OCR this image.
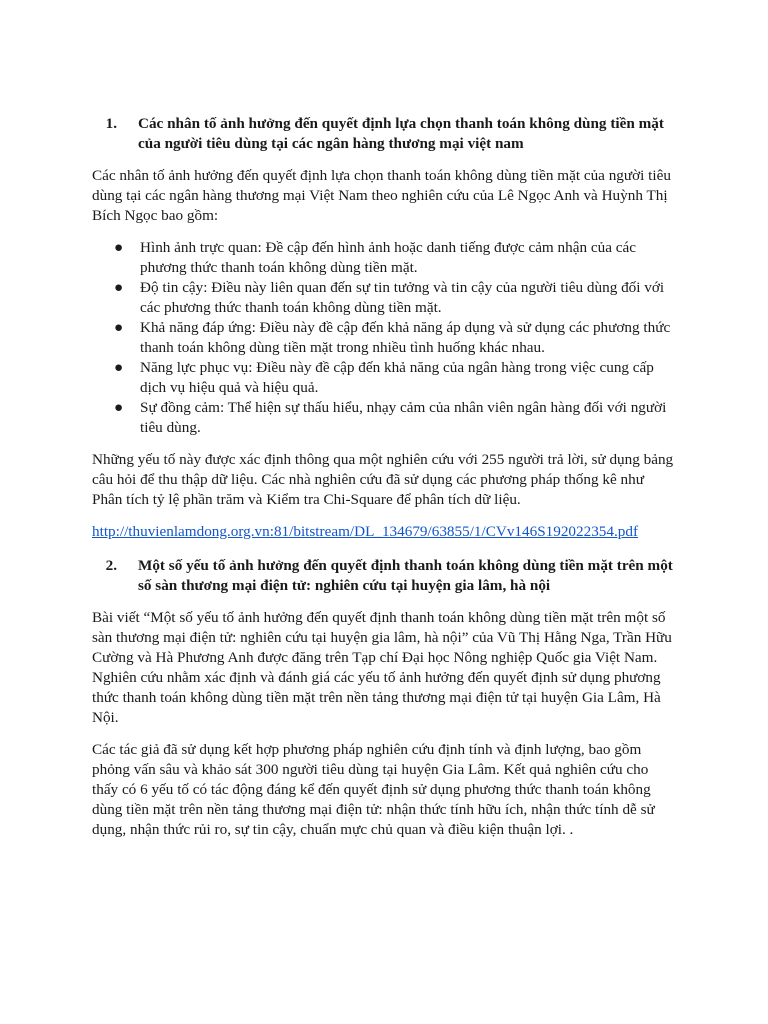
1.	Các nhân tố ảnh hưởng đến quyết định lựa chọn thanh toán không dùng tiền mặt của người tiêu dùng tại các ngân hàng thương mại việt nam

Các nhân tố ảnh hưởng đến quyết định lựa chọn thanh toán không dùng tiền mặt của người tiêu dùng tại các ngân hàng thương mại Việt Nam theo nghiên cứu của Lê Ngọc Anh và Huỳnh Thị Bích Ngọc bao gồm:

●	Hình ảnh trực quan: Đề cập đến hình ảnh hoặc danh tiếng được cảm nhận của các phương thức thanh toán không dùng tiền mặt.
●	Độ tin cậy: Điều này liên quan đến sự tin tưởng và tin cậy của người tiêu dùng đối với các phương thức thanh toán không dùng tiền mặt.
●	Khả năng đáp ứng: Điều này đề cập đến khả năng áp dụng và sử dụng các phương thức thanh toán không dùng tiền mặt trong nhiều tình huống khác nhau.
●	Năng lực phục vụ: Điều này đề cập đến khả năng của ngân hàng trong việc cung cấp dịch vụ hiệu quả và hiệu quả.
●	Sự đồng cảm: Thể hiện sự thấu hiểu, nhạy cảm của nhân viên ngân hàng đối với người tiêu dùng.

Những yếu tố này được xác định thông qua một nghiên cứu với 255 người trả lời, sử dụng bảng câu hỏi để thu thập dữ liệu. Các nhà nghiên cứu đã sử dụng các phương pháp thống kê như Phân tích tỷ lệ phần trăm và Kiểm tra Chi-Square để phân tích dữ liệu.

http://thuvienlamdong.org.vn:81/bitstream/DL_134679/63855/1/CVv146S192022354.pdf

2.	Một số yếu tố ảnh hưởng đến quyết định thanh toán không dùng tiền mặt trên một số sàn thương mại điện tử: nghiên cứu tại huyện gia lâm, hà nội

Bài viết “Một số yếu tố ảnh hưởng đến quyết định thanh toán không dùng tiền mặt trên một số sàn thương mại điện tử: nghiên cứu tại huyện gia lâm, hà nội” của Vũ Thị Hằng Nga, Trần Hữu Cường và Hà Phương Anh được đăng trên Tạp chí Đại học Nông nghiệp Quốc gia Việt Nam. Nghiên cứu nhằm xác định và đánh giá các yếu tố ảnh hưởng đến quyết định sử dụng phương thức thanh toán không dùng tiền mặt trên nền tảng thương mại điện tử tại huyện Gia Lâm, Hà Nội.

Các tác giả đã sử dụng kết hợp phương pháp nghiên cứu định tính và định lượng, bao gồm phỏng vấn sâu và khảo sát 300 người tiêu dùng tại huyện Gia Lâm. Kết quả nghiên cứu cho thấy có 6 yếu tố có tác động đáng kể đến quyết định sử dụng phương thức thanh toán không dùng tiền mặt trên nền tảng thương mại điện tử: nhận thức tính hữu ích, nhận thức tính dễ sử dụng, nhận thức rủi ro, sự tin cậy, chuẩn mực chủ quan và điều kiện thuận lợi. .
